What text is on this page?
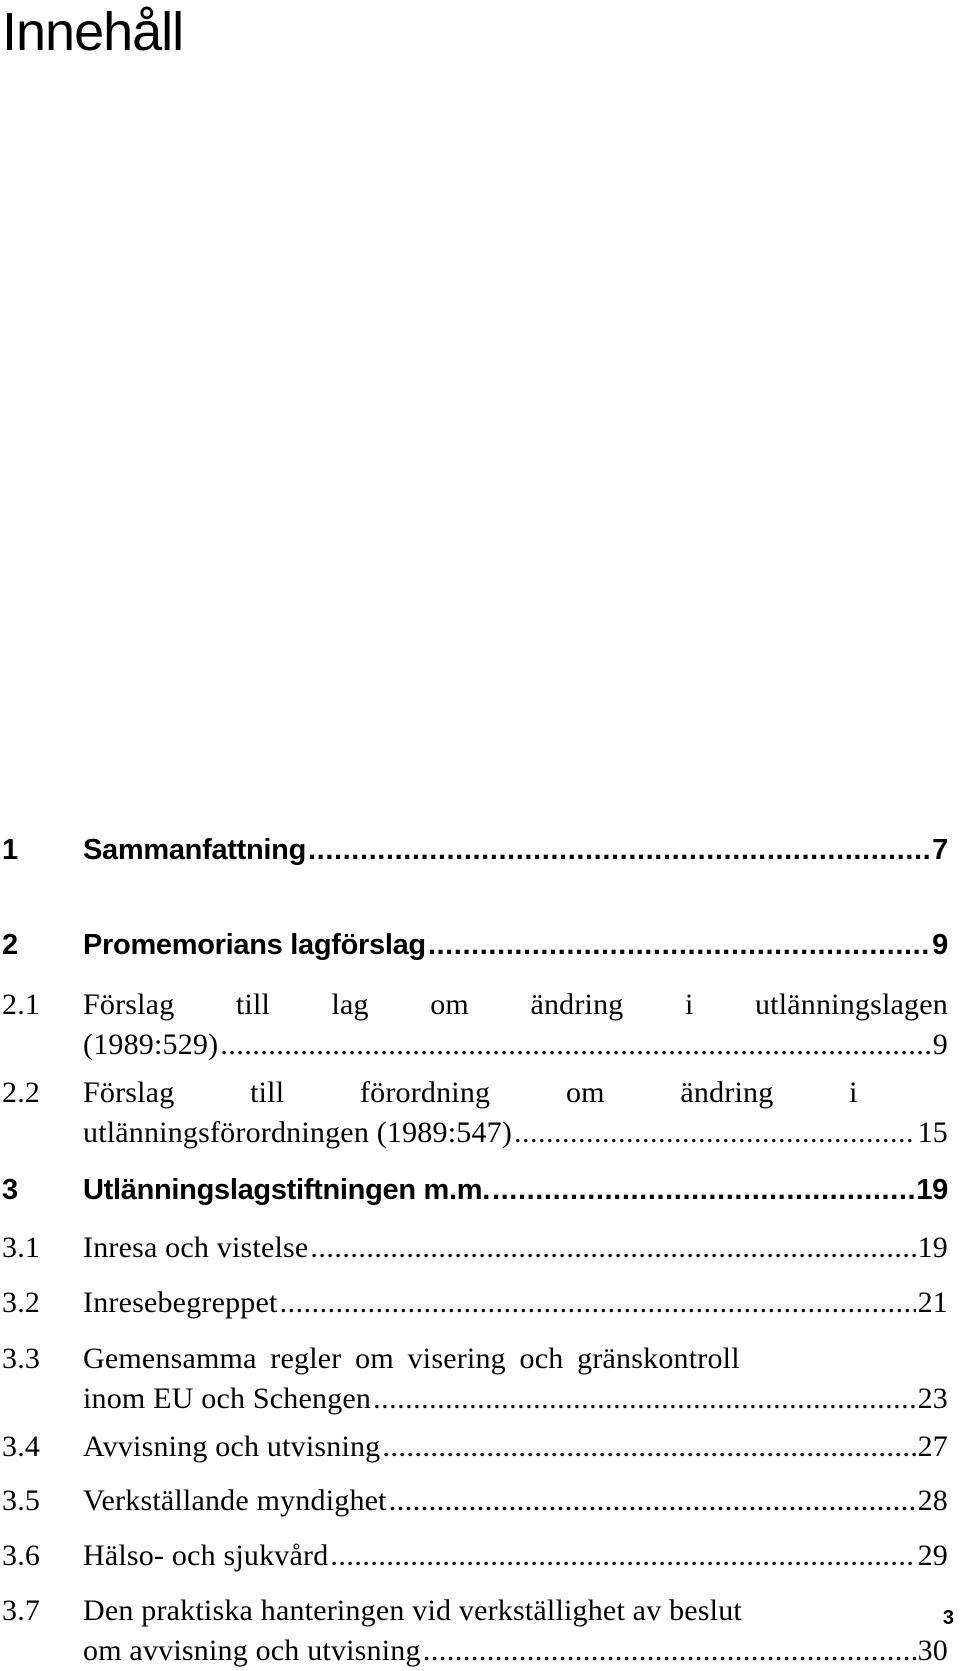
Innehåll
1 Sammanfattning .....	7
2 Promemorians lagförslag .....	9
2.1 Förslag till lag om ändring i utlänningslagen
(1989:529) .....	9
2.2 Förslag till förordning om ändring i
utlänningsförordningen (1989:547) .....	15
3 Utlänningslagstiftningen m.m. .....	19
3.1 Inresa och vistelse .....	19
3.2 Inresebegreppet .....	21
3.3 Gemensamma regler om visering och gränskontroll
inom EU och Schengen .....	23
3.4 Avvisning och utvisning .....	27
3.5 Verkställande myndighet .....	28
3.6 Hälso- och sjukvård .....	29
3.7 Den praktiska hanteringen vid verkställighet av beslut
om avvisning och utvisning .....	30
3
